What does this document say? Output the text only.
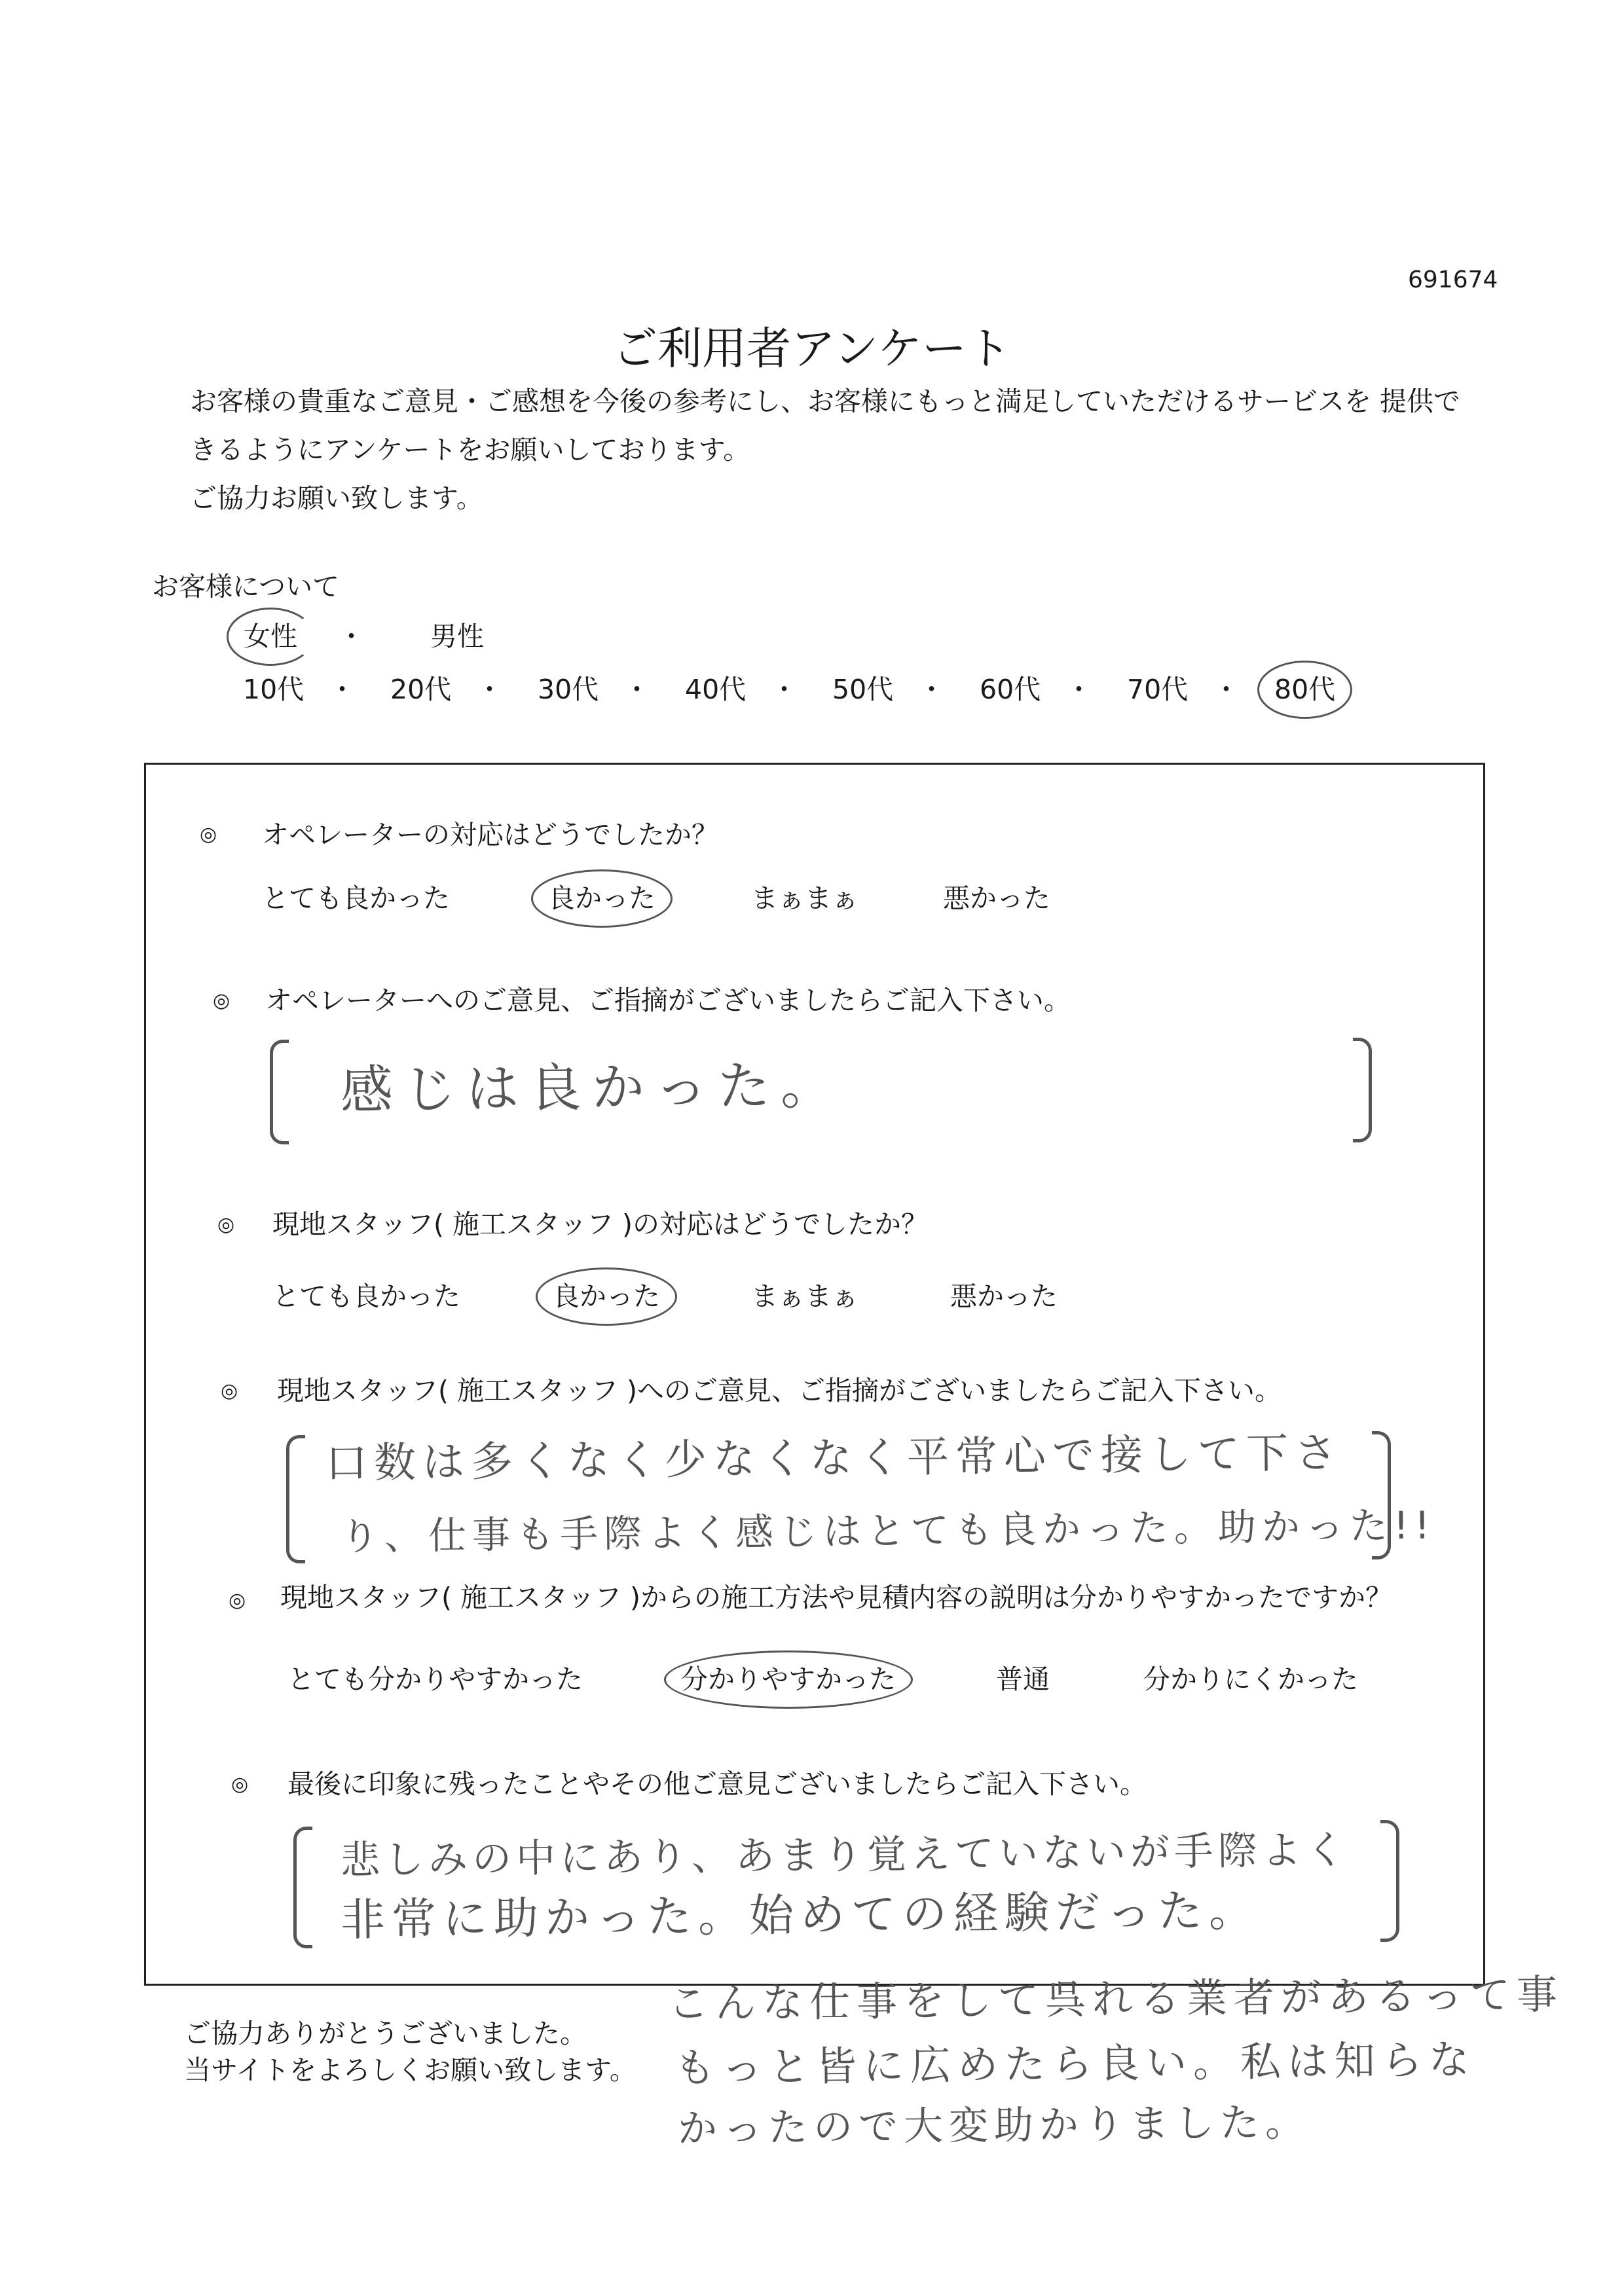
691674
ご利用者アンケート
お客様の貴重なご意見・ご感想を今後の参考にし、お客様にもっと満足していただけるサービスを 提供で
きるようにアンケートをお願いしております。
ご協力お願い致します。
お客様について
女性 ・ 男性
10代 ・ 20代 ・ 30代 ・ 40代 ・ 50代 ・ 60代 ・ 70代 ・ 80代
◎ オペレーターの対応はどうでしたか？
とても良かった	良かった	まぁまぁ	悪かった
◎ オペレーターへのご意見、ご指摘がございましたらご記入下さい。
感じは良かった。
◎ 現地スタッフ( 施工スタッフ )の対応はどうでしたか？
とても良かった	良かった	まぁまぁ	悪かった
◎ 現地スタッフ( 施工スタッフ )へのご意見、ご指摘がございましたらご記入下さい。
口数は多くなく少なくなく平常心で接して下さ
り、仕事も手際よく感じはとても良かった。助かった!!
◎ 現地スタッフ( 施工スタッフ )からの施工方法や見積内容の説明は分かりやすかったですか？
とても分かりやすかった	分かりやすかった	普通	分かりにくかった
◎ 最後に印象に残ったことやその他ご意見ございましたらご記入下さい。
悲しみの中にあり、あまり覚えていないが手際よく
非常に助かった。始めての経験だった。
ご協力ありがとうございました。
当サイトをよろしくお願い致します。
こんな仕事をして呉れる業者があるって事
もっと皆に広めたら良い。私は知らな
かったので大変助かりました。
